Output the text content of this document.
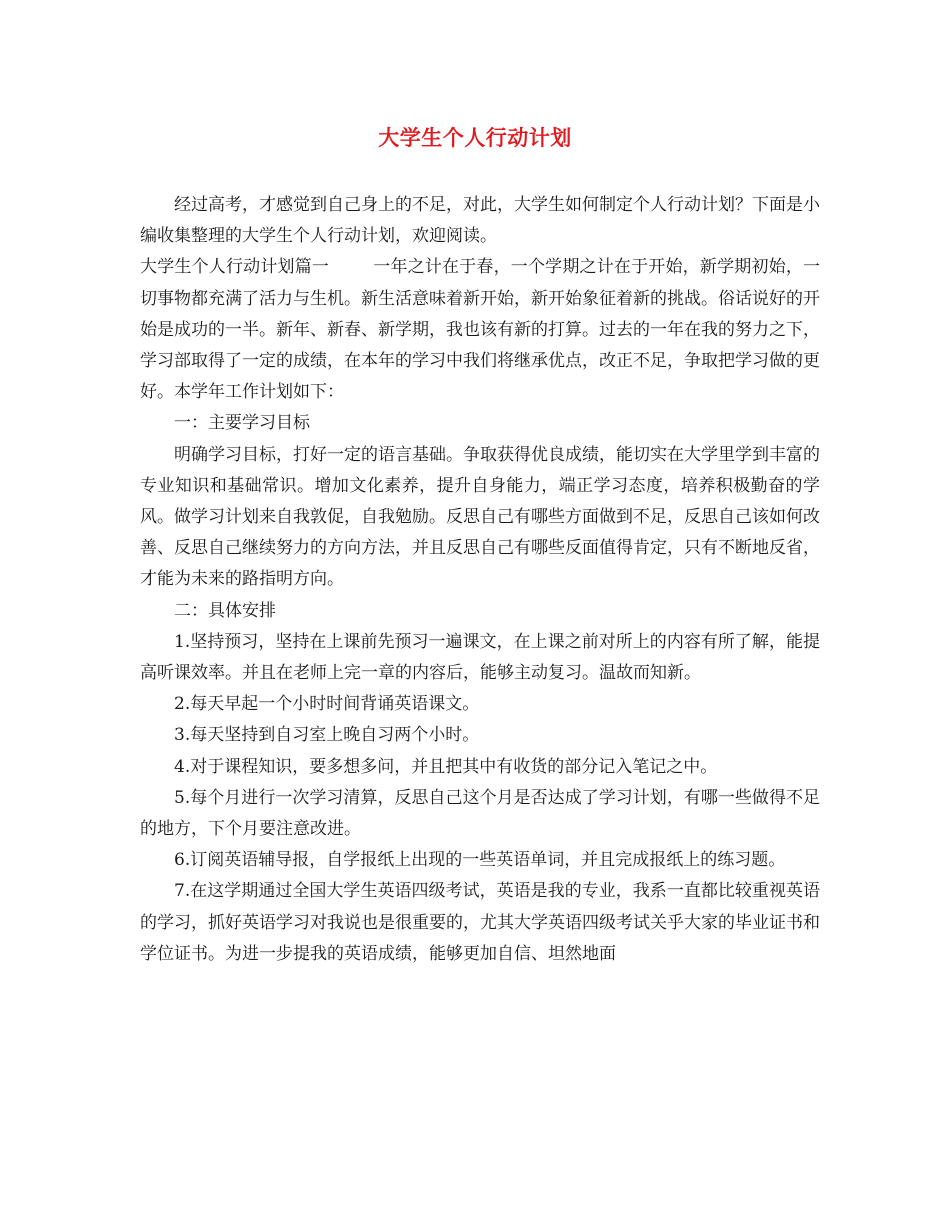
大学生个人行动计划

经过高考，才感觉到自己身上的不足，对此，大学生如何制定个人行动计划？下面是小编收集整理的大学生个人行动计划，欢迎阅读。

大学生个人行动计划篇一	一年之计在于春，一个学期之计在于开始，新学期初始，一切事物都充满了活力与生机。新生活意味着新开始，新开始象征着新的挑战。俗话说好的开始是成功的一半。新年、新春、新学期，我也该有新的打算。过去的一年在我的努力之下，学习部取得了一定的成绩，在本年的学习中我们将继承优点，改正不足，争取把学习做的更好。本学年工作计划如下：

一：主要学习目标

明确学习目标，打好一定的语言基础。争取获得优良成绩，能切实在大学里学到丰富的专业知识和基础常识。增加文化素养，提升自身能力，端正学习态度，培养积极勤奋的学风。做学习计划来自我敦促，自我勉励。反思自己有哪些方面做到不足，反思自己该如何改善、反思自己继续努力的方向方法，并且反思自己有哪些反面值得肯定，只有不断地反省，才能为未来的路指明方向。

二：具体安排

1.坚持预习，坚持在上课前先预习一遍课文，在上课之前对所上的内容有所了解，能提高听课效率。并且在老师上完一章的内容后，能够主动复习。温故而知新。

2.每天早起一个小时时间背诵英语课文。

3.每天坚持到自习室上晚自习两个小时。

4.对于课程知识，要多想多问，并且把其中有收货的部分记入笔记之中。

5.每个月进行一次学习清算，反思自己这个月是否达成了学习计划，有哪一些做得不足的地方，下个月要注意改进。

6.订阅英语辅导报，自学报纸上出现的一些英语单词，并且完成报纸上的练习题。

7.在这学期通过全国大学生英语四级考试，英语是我的专业，我系一直都比较重视英语的学习，抓好英语学习对我说也是很重要的，尤其大学英语四级考试关乎大家的毕业证书和学位证书。为进一步提我的英语成绩，能够更加自信、坦然地面
